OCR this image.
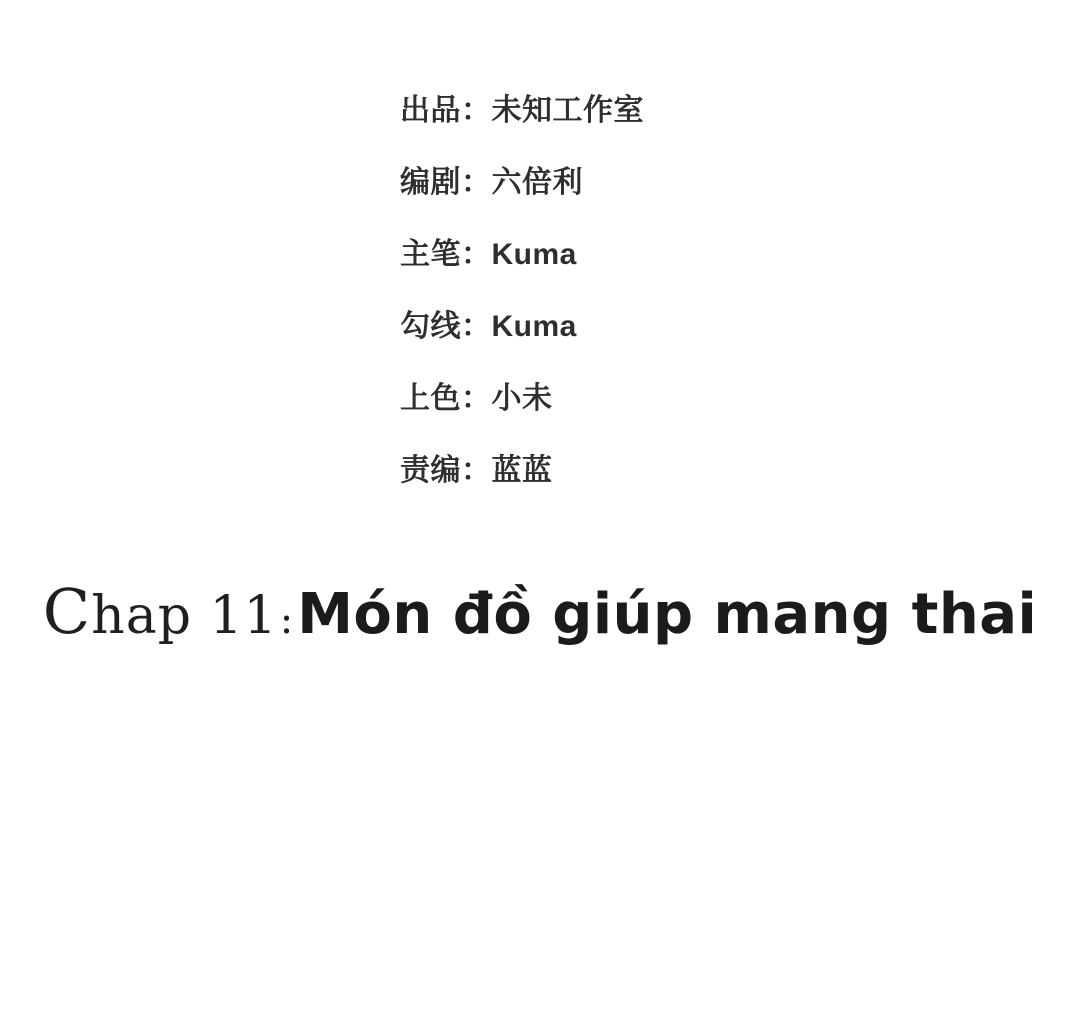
出品：未知工作室
编剧：六倍利
主笔：Kuma
勾线：Kuma
上色：小未
责编：蓝蓝
Chap 11 : Món đồ giúp mang thai
